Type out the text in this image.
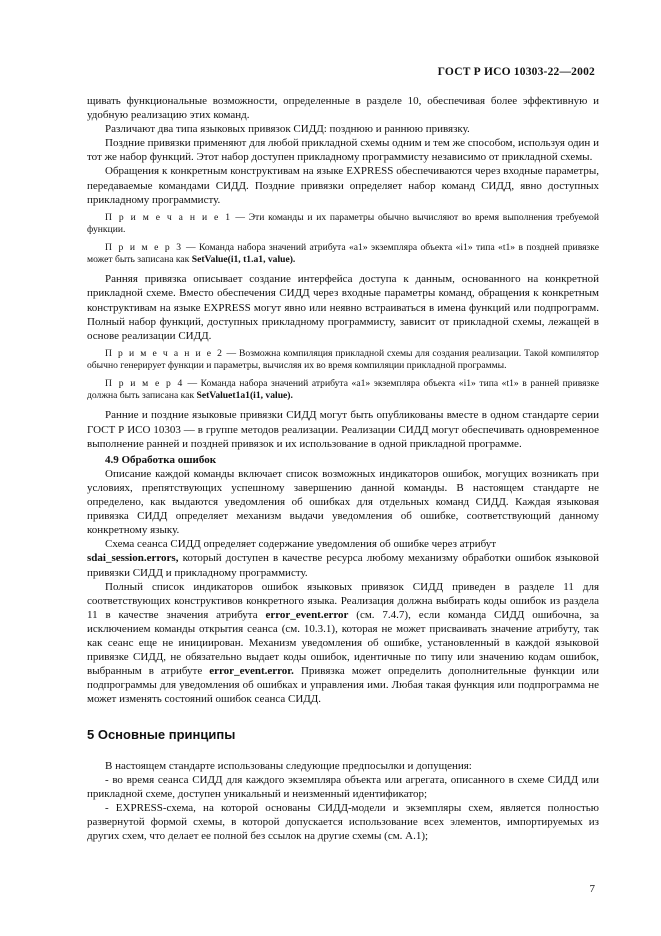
ГОСТ Р ИСО 10303-22—2002

щивать функциональные возможности, определенные в разделе 10, обеспечивая более эффективную и удобную реализацию этих команд.

Различают два типа языковых привязок СИДД: позднюю и раннюю привязку.

Поздние привязки применяют для любой прикладной схемы одним и тем же способом, используя один и тот же набор функций. Этот набор доступен прикладному программисту независимо от прикладной схемы.

Обращения к конкретным конструктивам на языке EXPRESS обеспечиваются через входные параметры, передаваемые командами СИДД. Поздние привязки определяет набор команд СИДД, явно доступных прикладному программисту.

П р и м е ч а н и е 1 — Эти команды и их параметры обычно вычисляют во время выполнения требуемой функции.

П р и м е р 3 — Команда набора значений атрибута «a1» экземпляра объекта «i1» типа «t1» в поздней привязке может быть записана как SetValue(i1, t1.a1, value).

Ранняя привязка описывает создание интерфейса доступа к данным, основанного на конкретной прикладной схеме. Вместо обеспечения СИДД через входные параметры команд, обращения к конкретным конструктивам на языке EXPRESS могут явно или неявно встраиваться в имена функций или подпрограмм. Полный набор функций, доступных прикладному программисту, зависит от прикладной схемы, лежащей в основе реализации СИДД.

П р и м е ч а н и е 2 — Возможна компиляция прикладной схемы для создания реализации. Такой компилятор обычно генерирует функции и параметры, вычисляя их во время компиляции прикладной программы.

П р и м е р 4 — Команда набора значений атрибута «a1» экземпляра объекта «i1» типа «t1» в ранней привязке должна быть записана как SetValuet1a1(i1, value).

Ранние и поздние языковые привязки СИДД могут быть опубликованы вместе в одном стандарте серии ГОСТ Р ИСО 10303 — в группе методов реализации. Реализации СИДД могут обеспечивать одновременное выполнение ранней и поздней привязок и их использование в одной прикладной программе.

4.9 Обработка ошибок

Описание каждой команды включает список возможных индикаторов ошибок, могущих возникать при условиях, препятствующих успешному завершению данной команды. В настоящем стандарте не определено, как выдаются уведомления об ошибках для отдельных команд СИДД. Каждая языковая привязка СИДД определяет механизм выдачи уведомления об ошибке, соответствующий данному конкретному языку.

Схема сеанса СИДД определяет содержание уведомления об ошибке через атрибут
sdai_session.errors, который доступен в качестве ресурса любому механизму обработки ошибок языковой привязки СИДД и прикладному программисту.

Полный список индикаторов ошибок языковых привязок СИДД приведен в разделе 11 для соответствующих конструктивов конкретного языка. Реализация должна выбирать коды ошибок из раздела 11 в качестве значения атрибута error_event.error (см. 7.4.7), если команда СИДД ошибочна, за исключением команды открытия сеанса (см. 10.3.1), которая не может присваивать значение атрибуту, так как сеанс еще не инициирован. Механизм уведомления об ошибке, установленный в каждой языковой привязке СИДД, не обязательно выдает коды ошибок, идентичные по типу или значению кодам ошибок, выбранным в атрибуте error_event.error. Привязка может определить дополнительные функции или подпрограммы для уведомления об ошибках и управления ими. Любая такая функция или подпрограмма не может изменять состояний ошибок сеанса СИДД.

5 Основные принципы

В настоящем стандарте использованы следующие предпосылки и допущения:

- во время сеанса СИДД для каждого экземпляра объекта или агрегата, описанного в схеме СИДД или прикладной схеме, доступен уникальный и неизменный идентификатор;

- EXPRESS-схема, на которой основаны СИДД-модели и экземпляры схем, является полностью развернутой формой схемы, в которой допускается использование всех элементов, импортируемых из других схем, что делает ее полной без ссылок на другие схемы (см. A.1);

7
